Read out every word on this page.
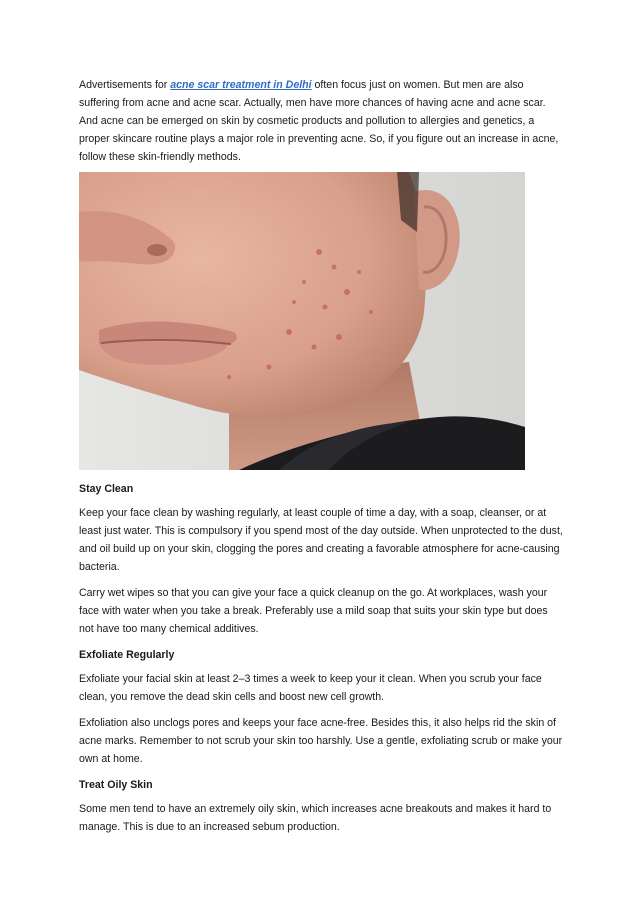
Advertisements for acne scar treatment in Delhi often focus just on women. But men are also suffering from acne and acne scar. Actually, men have more chances of having acne and acne scar. And acne can be emerged on skin by cosmetic products and pollution to allergies and genetics, a proper skincare routine plays a major role in preventing acne. So, if you figure out an increase in acne, follow these skin-friendly methods.

Stay Clean

Keep your face clean by washing regularly, at least couple of time a day, with a soap, cleanser, or at least just water. This is compulsory if you spend most of the day outside. When unprotected to the dust, and oil build up on your skin, clogging the pores and creating a favorable atmosphere for acne-causing bacteria.

Carry wet wipes so that you can give your face a quick cleanup on the go. At workplaces, wash your face with water when you take a break. Preferably use a mild soap that suits your skin type but does not have too many chemical additives.

Exfoliate Regularly

Exfoliate your facial skin at least 2–3 times a week to keep your it clean. When you scrub your face clean, you remove the dead skin cells and boost new cell growth.

Exfoliation also unclogs pores and keeps your face acne-free. Besides this, it also helps rid the skin of acne marks. Remember to not scrub your skin too harshly. Use a gentle, exfoliating scrub or make your own at home.

Treat Oily Skin

Some men tend to have an extremely oily skin, which increases acne breakouts and makes it hard to manage. This is due to an increased sebum production.
